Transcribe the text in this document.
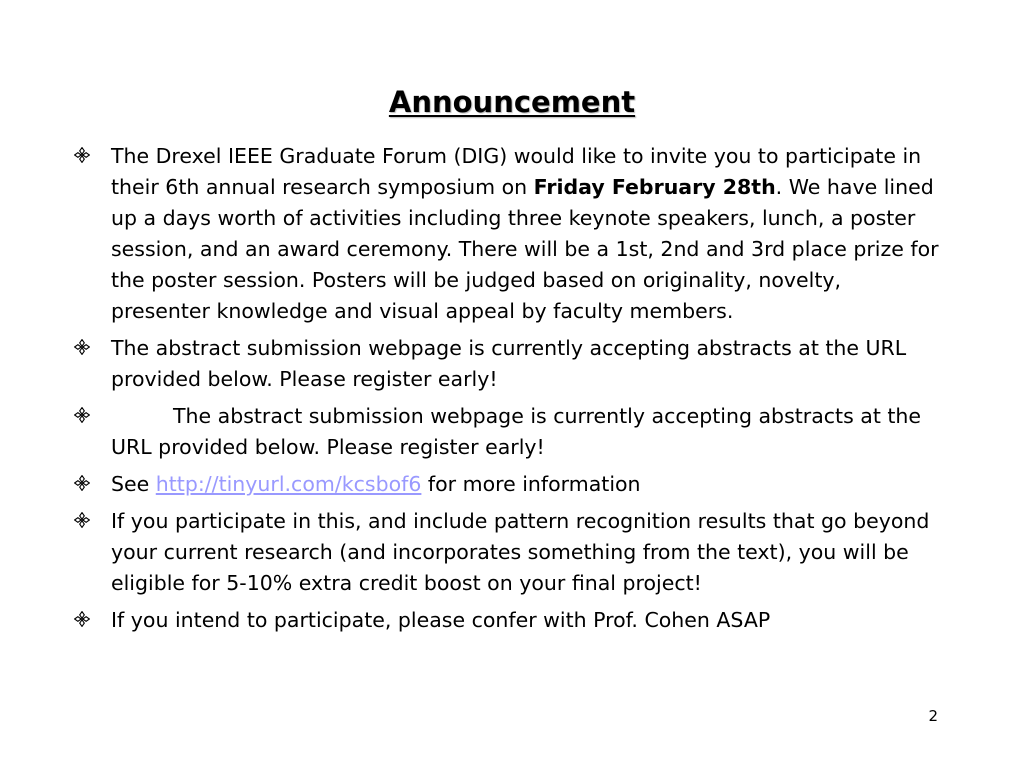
Announcement
The Drexel IEEE Graduate Forum (DIG) would like to invite you to participate in their 6th annual research symposium on Friday February 28th. We have lined up a days worth of activities including three keynote speakers, lunch, a poster session, and an award ceremony. There will be a 1st, 2nd and 3rd place prize for the poster session. Posters will be judged based on originality, novelty, presenter knowledge and visual appeal by faculty members.
The abstract submission webpage is currently accepting abstracts at the URL provided below. Please register early!
The abstract submission webpage is currently accepting abstracts at the URL provided below. Please register early!
See http://tinyurl.com/kcsbof6 for more information
If you participate in this, and include pattern recognition results that go beyond your current research (and incorporates something from the text), you will be eligible for 5-10% extra credit boost on your final project!
If you intend to participate, please confer with Prof. Cohen ASAP
2
